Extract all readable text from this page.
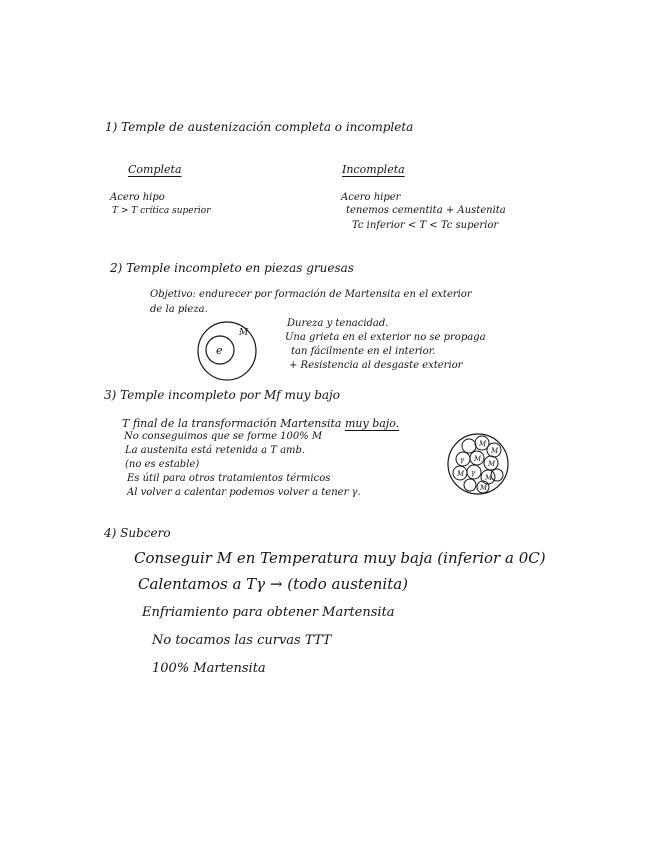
1) Temple de austenización completa o incompleta
Completa
Acero hipo
T > T crítica superior
Incompleta
Acero hiper
tenemos cementita + Austenita
Tc inferior < T < Tc superior
2) Temple incompleto en piezas gruesas
Objetivo: endurecer por formación de Martensita en el exterior
de la pieza.
M
e
Dureza y tenacidad.
Una grieta en el exterior no se propaga
tan fácilmente en el interior.
+ Resistencia al desgaste exterior
3) Temple incompleto por Mf muy bajo
T final de la transformación Martensita muy bajo.
No conseguimos que se forme 100% M
La austenita está retenida a T amb.
(no es estable)
Es útil para otros tratamientos térmicos
Al volver a calentar podemos volver a tener γ.
M
M
γ M
M
M γ
M
M
4) Subcero
Conseguir M en Temperatura muy baja (inferior a 0C)
Calentamos a Tγ → (todo austenita)
Enfriamiento para obtener Martensita
No tocamos las curvas TTT
100% Martensita
